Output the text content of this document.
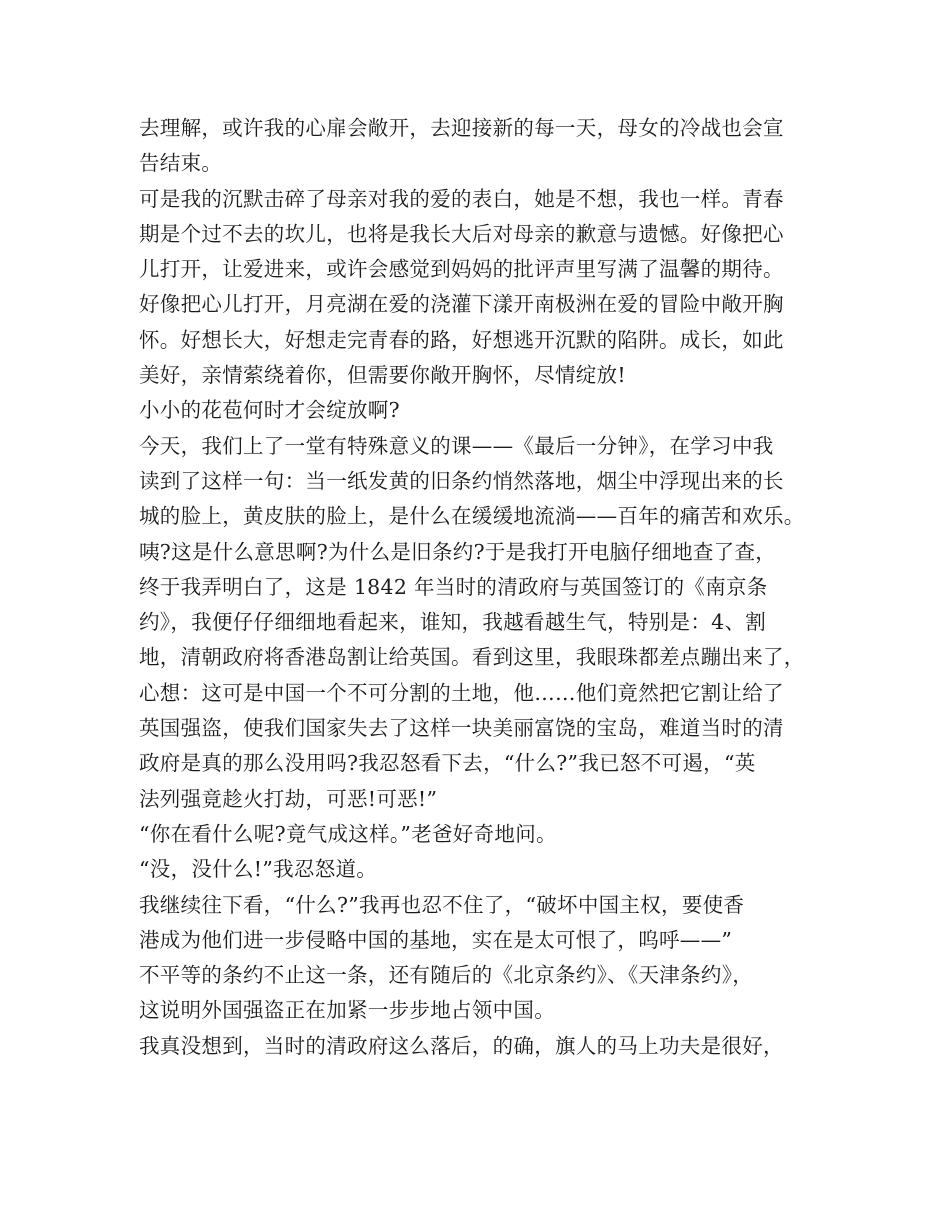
去理解，或许我的心扉会敞开，去迎接新的每一天，母女的冷战也会宣
告结束。
可是我的沉默击碎了母亲对我的爱的表白，她是不想，我也一样。青春
期是个过不去的坎儿，也将是我长大后对母亲的歉意与遗憾。好像把心
儿打开，让爱进来，或许会感觉到妈妈的批评声里写满了温馨的期待。
好像把心儿打开，月亮湖在爱的浇灌下漾开南极洲在爱的冒险中敞开胸
怀。好想长大，好想走完青春的路，好想逃开沉默的陷阱。成长，如此
美好，亲情萦绕着你，但需要你敞开胸怀，尽情绽放!
小小的花苞何时才会绽放啊?
今天，我们上了一堂有特殊意义的课——《最后一分钟》，在学习中我
读到了这样一句：当一纸发黄的旧条约悄然落地，烟尘中浮现出来的长
城的脸上，黄皮肤的脸上，是什么在缓缓地流淌——百年的痛苦和欢乐。
咦?这是什么意思啊?为什么是旧条约?于是我打开电脑仔细地查了查，
终于我弄明白了，这是 1842 年当时的清政府与英国签订的《南京条
约》，我便仔仔细细地看起来，谁知，我越看越生气，特别是：4、割
地，清朝政府将香港岛割让给英国。看到这里，我眼珠都差点蹦出来了，
心想：这可是中国一个不可分割的土地，他……他们竟然把它割让给了
英国强盗，使我们国家失去了这样一块美丽富饶的宝岛，难道当时的清
政府是真的那么没用吗?我忍怒看下去，“什么?”我已怒不可遏，“英
法列强竟趁火打劫，可恶!可恶!”
“你在看什么呢?竟气成这样。”老爸好奇地问。
“没，没什么!”我忍怒道。
我继续往下看，“什么?”我再也忍不住了，“破坏中国主权，要使香
港成为他们进一步侵略中国的基地，实在是太可恨了，呜呼——”
不平等的条约不止这一条，还有随后的《北京条约》、《天津条约》，
这说明外国强盗正在加紧一步步地占领中国。
我真没想到，当时的清政府这么落后，的确，旗人的马上功夫是很好，
